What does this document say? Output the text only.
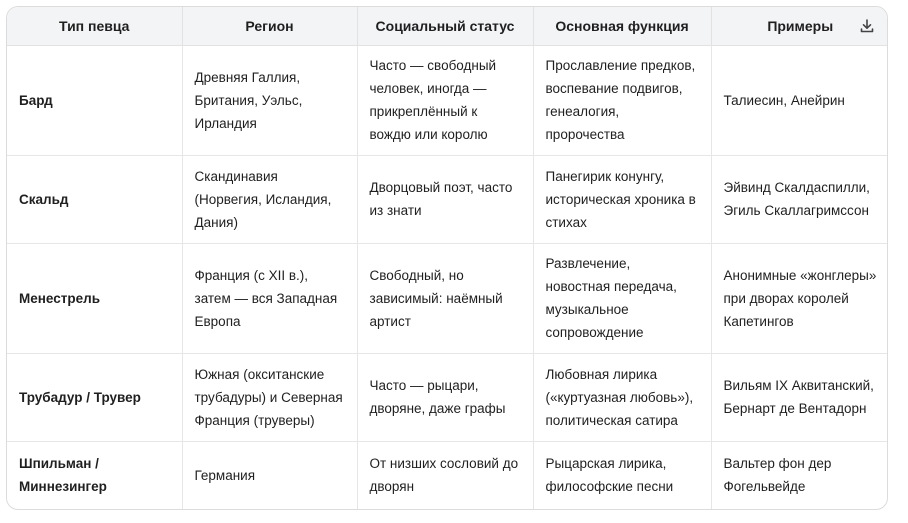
Тип певца	Регион	Социальный статус	Основная функция	Примеры

Бард	Древняя Галлия, Британия, Уэльс, Ирландия	Часто — свободный человек, иногда — прикреплённый к вождю или королю	Прославление предков, воспевание подвигов, генеалогия, пророчества	Талиесин, Анейрин
Скальд	Скандинавия (Норвегия, Исландия, Дания)	Дворцовый поэт, часто из знати	Панегирик конунгу, историческая хроника в стихах	Эйвинд Скалдаспилли, Эгиль Скаллагримссон
Менестрель	Франция (с XII в.), затем — вся Западная Европа	Свободный, но зависимый: наёмный артист	Развлечение, новостная передача, музыкальное сопровождение	Анонимные «жонглеры» при дворах королей Капетингов
Трубадур / Трувер	Южная (окситанские трубадуры) и Северная Франция (труверы)	Часто — рыцари, дворяне, даже графы	Любовная лирика («куртуазная любовь»), политическая сатира	Вильям IX Аквитанский, Бернарт де Вентадорн
Шпильман / Миннезингер	Германия	От низших сословий до дворян	Рыцарская лирика, философские песни	Вальтер фон дер Фогельвейде
